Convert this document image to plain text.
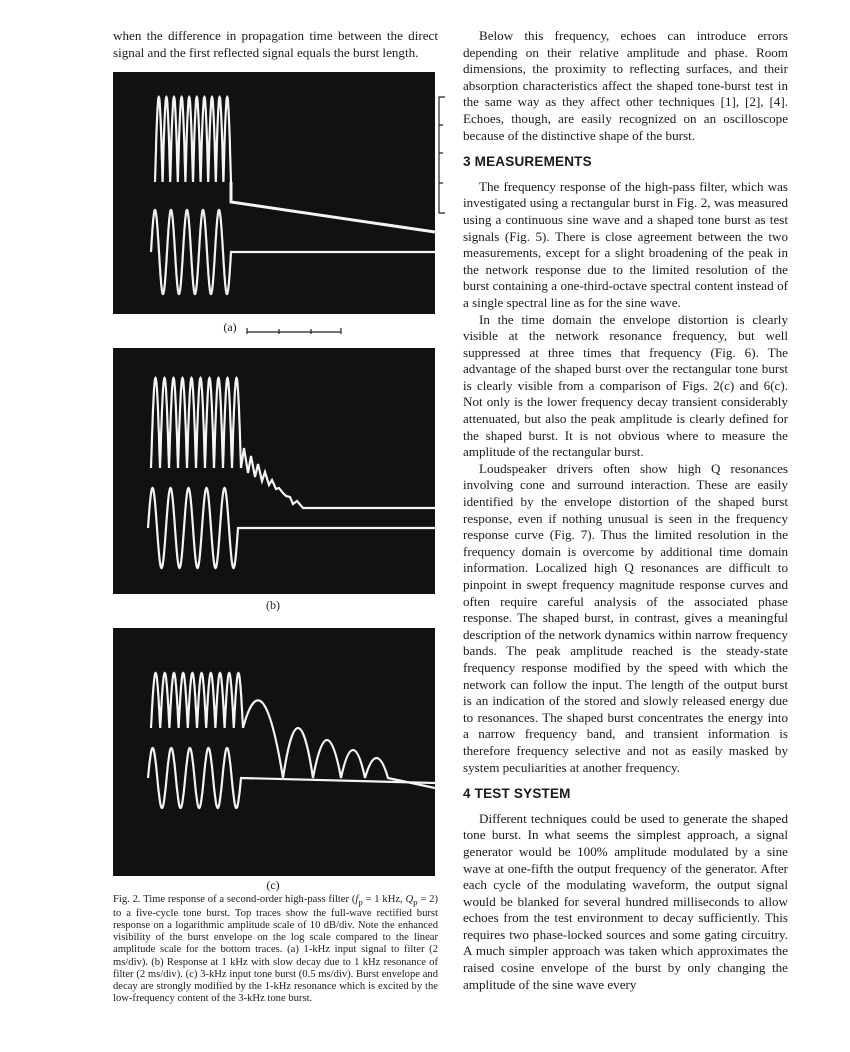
when the difference in propagation time between the direct signal and the first reflected signal equals the burst length.

(a)
(b)
(c)
Fig. 2. Time response of a second-order high-pass filter ($f_p = 1$ kHz, $Q_p = 2$) to a five-cycle tone burst. Top traces show the full-wave rectified burst response on a logarithmic amplitude scale of 10 dB/div. Note the enhanced visibility of the burst envelope on the log scale compared to the linear amplitude scale for the bottom traces. (a) 1-kHz input signal to filter (2 ms/div). (b) Response at 1 kHz with slow decay due to 1 kHz resonance of filter (2 ms/div). (c) 3-kHz input tone burst (0.5 ms/div). Burst envelope and decay are strongly modified by the 1-kHz resonance which is excited by the low-frequency content of the 3-kHz tone burst.

Below this frequency, echoes can introduce errors depending on their relative amplitude and phase. Room dimensions, the proximity to reflecting surfaces, and their absorption characteristics affect the shaped tone-burst test in the same way as they affect other techniques [1], [2], [4]. Echoes, though, are easily recognized on an oscilloscope because of the distinctive shape of the burst.

3 MEASUREMENTS

The frequency response of the high-pass filter, which was investigated using a rectangular burst in Fig. 2, was measured using a continuous sine wave and a shaped tone burst as test signals (Fig. 5). There is close agreement between the two measurements, except for a slight broadening of the peak in the network response due to the limited resolution of the burst containing a one-third-octave spectral content instead of a single spectral line as for the sine wave.

In the time domain the envelope distortion is clearly visible at the network resonance frequency, but well suppressed at three times that frequency (Fig. 6). The advantage of the shaped burst over the rectangular tone burst is clearly visible from a comparison of Figs. 2(c) and 6(c). Not only is the lower frequency decay transient considerably attenuated, but also the peak amplitude is clearly defined for the shaped burst. It is not obvious where to measure the amplitude of the rectangular burst.

Loudspeaker drivers often show high Q resonances involving cone and surround interaction. These are easily identified by the envelope distortion of the shaped burst response, even if nothing unusual is seen in the frequency response curve (Fig. 7). Thus the limited resolution in the frequency domain is overcome by additional time domain information. Localized high Q resonances are difficult to pinpoint in swept frequency magnitude response curves and often require careful analysis of the associated phase response. The shaped burst, in contrast, gives a meaningful description of the network dynamics within narrow frequency bands. The peak amplitude reached is the steady-state frequency response modified by the speed with which the network can follow the input. The length of the output burst is an indication of the stored and slowly released energy due to resonances. The shaped burst concentrates the energy into a narrow frequency band, and transient information is therefore frequency selective and not as easily masked by system peculiarities at another frequency.

4 TEST SYSTEM

Different techniques could be used to generate the shaped tone burst. In what seems the simplest approach, a signal generator would be 100% amplitude modulated by a sine wave at one-fifth the output frequency of the generator. After each cycle of the modulating waveform, the output signal would be blanked for several hundred milliseconds to allow echoes from the test environment to decay sufficiently. This requires two phase-locked sources and some gating circuitry. A much simpler approach was taken which approximates the raised cosine envelope of the burst by only changing the amplitude of the sine wave every
